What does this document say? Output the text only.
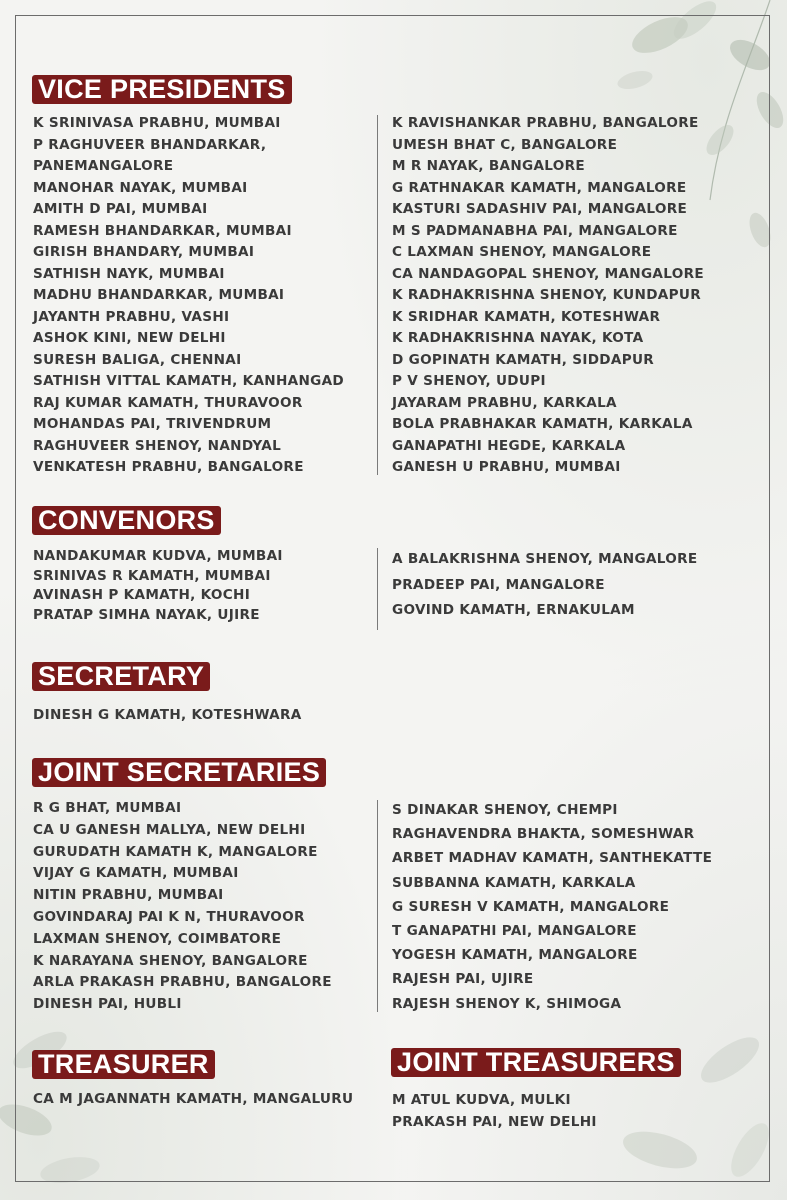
VICE PRESIDENTS
K SRINIVASA PRABHU, MUMBAI
P RAGHUVEER BHANDARKAR,
PANEMANGALORE
MANOHAR NAYAK, MUMBAI
AMITH D PAI, MUMBAI
RAMESH BHANDARKAR, MUMBAI
GIRISH BHANDARY, MUMBAI
SATHISH NAYK, MUMBAI
MADHU BHANDARKAR, MUMBAI
JAYANTH PRABHU, VASHI
ASHOK KINI, NEW DELHI
SURESH BALIGA, CHENNAI
SATHISH VITTAL KAMATH, KANHANGAD
RAJ KUMAR KAMATH, THURAVOOR
MOHANDAS PAI, TRIVENDRUM
RAGHUVEER SHENOY, NANDYAL
VENKATESH PRABHU, BANGALORE
K RAVISHANKAR PRABHU, BANGALORE
UMESH BHAT C, BANGALORE
M R NAYAK, BANGALORE
G RATHNAKAR KAMATH, MANGALORE
KASTURI SADASHIV PAI, MANGALORE
M S PADMANABHA PAI, MANGALORE
C LAXMAN SHENOY, MANGALORE
CA NANDAGOPAL SHENOY, MANGALORE
K RADHAKRISHNA SHENOY, KUNDAPUR
K SRIDHAR KAMATH, KOTESHWAR
K RADHAKRISHNA NAYAK, KOTA
D GOPINATH KAMATH, SIDDAPUR
P V SHENOY, UDUPI
JAYARAM PRABHU, KARKALA
BOLA PRABHAKAR KAMATH, KARKALA
GANAPATHI HEGDE, KARKALA
GANESH U PRABHU, MUMBAI
CONVENORS
NANDAKUMAR KUDVA, MUMBAI
SRINIVAS R KAMATH, MUMBAI
AVINASH P KAMATH, KOCHI
PRATAP SIMHA NAYAK, UJIRE
A BALAKRISHNA SHENOY, MANGALORE
PRADEEP PAI, MANGALORE
GOVIND KAMATH, ERNAKULAM
SECRETARY
DINESH G KAMATH, KOTESHWARA
JOINT SECRETARIES
R G BHAT, MUMBAI
CA U GANESH MALLYA, NEW DELHI
GURUDATH KAMATH K, MANGALORE
VIJAY G KAMATH, MUMBAI
NITIN PRABHU, MUMBAI
GOVINDARAJ PAI K N, THURAVOOR
LAXMAN SHENOY, COIMBATORE
K NARAYANA SHENOY, BANGALORE
ARLA PRAKASH PRABHU, BANGALORE
DINESH PAI, HUBLI
S DINAKAR SHENOY, CHEMPI
RAGHAVENDRA BHAKTA, SOMESHWAR
ARBET MADHAV KAMATH, SANTHEKATTE
SUBBANNA KAMATH, KARKALA
G SURESH V KAMATH, MANGALORE
T GANAPATHI PAI, MANGALORE
YOGESH KAMATH, MANGALORE
RAJESH PAI, UJIRE
RAJESH SHENOY K, SHIMOGA
TREASURER
CA M JAGANNATH KAMATH, MANGALURU
JOINT TREASURERS
M ATUL KUDVA, MULKI
PRAKASH PAI, NEW DELHI
